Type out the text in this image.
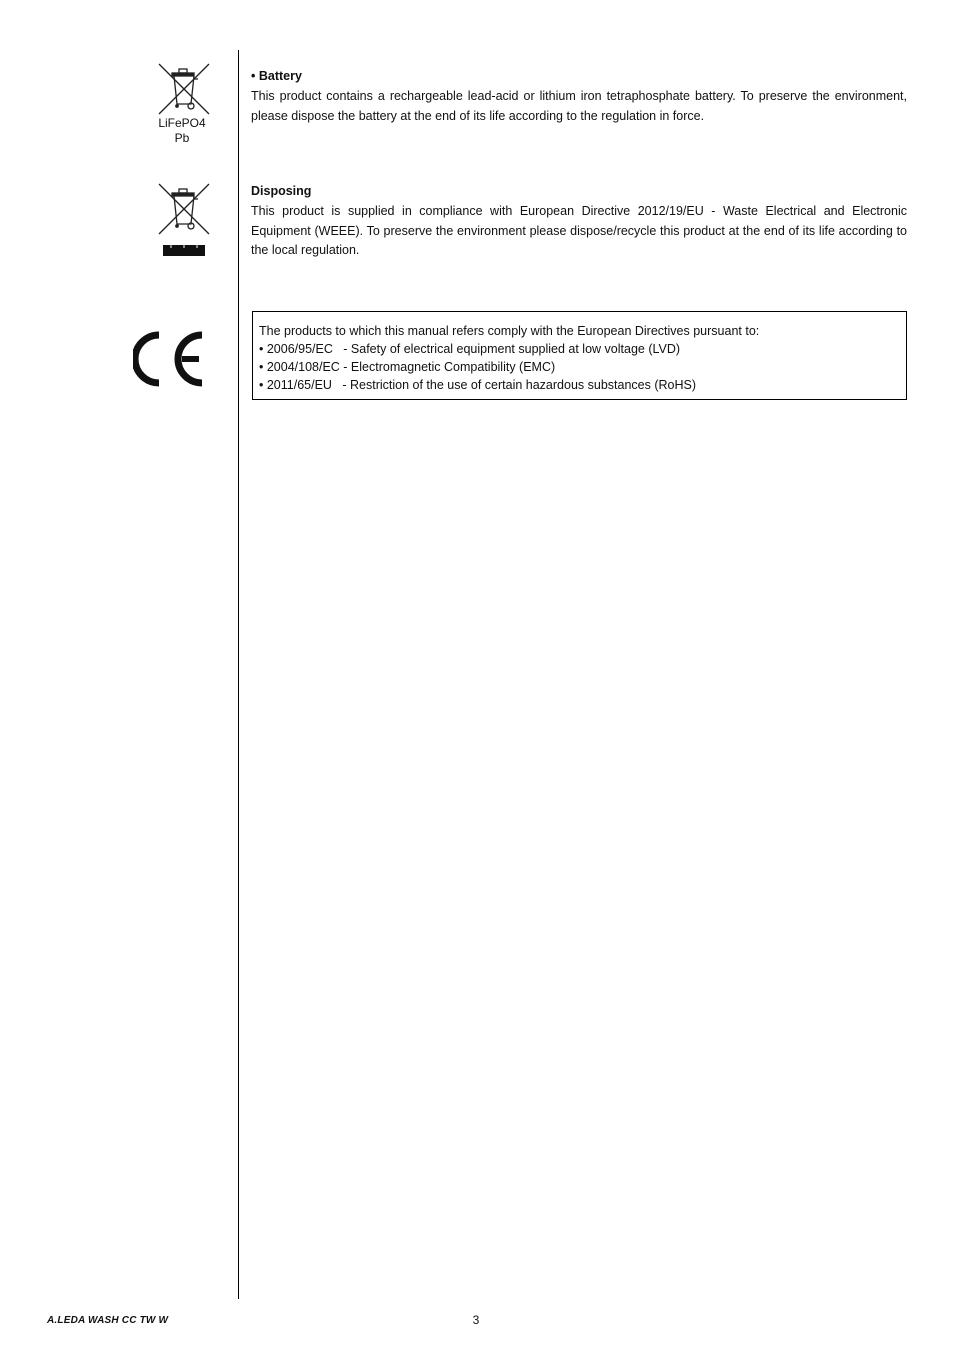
LiFePO4
Pb

• Battery

This product contains a rechargeable lead-acid or lithium iron tetraphosphate battery. To preserve the environment, please dispose the battery at the end of its life according to the regulation in force.

Disposing

This product is supplied in compliance with European Directive 2012/19/EU - Waste Electrical and Electronic Equipment (WEEE). To preserve the environment please dispose/recycle this product at the end of its life according to the local regulation.

The products to which this manual refers comply with the European Directives pursuant to:

• 2006/95/EC   - Safety of electrical equipment supplied at low voltage (LVD)
• 2004/108/EC - Electromagnetic Compatibility (EMC)
• 2011/65/EU   - Restriction of the use of certain hazardous substances (RoHS)
A.LEDA WASH CC TW W	3
